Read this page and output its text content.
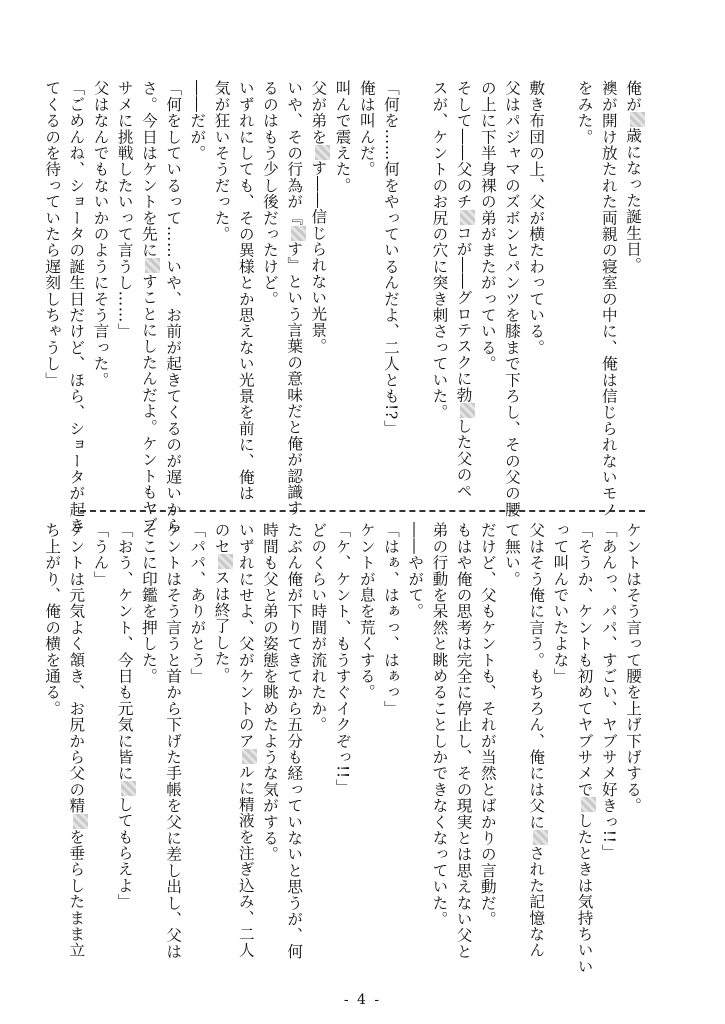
俺が歳になった誕生日。
襖が開け放たれた両親の寝室の中に、俺は信じられないモノ
をみた。

敷き布団の上、父が横たわっている。
父はパジャマのズボンとパンツを膝まで下ろし、その父の腰
の上に下半身裸の弟がまたがっている。
そして――父のチコが――グロテスクに勃した父のペ
スが、ケントのお尻の穴に突き刺さっていた。

「何を……何をやっているんだよ、二人とも!?」
俺は叫んだ。
叫んで震えた。
父が弟をす――信じられない光景。
いや、その行為が『す』という言葉の意味だと俺が認識す
るのはもう少し後だったけど。
いずれにしても、その異様とか思えない光景を前に、俺は
気が狂いそうだった。
――だが。
「何をしているって……いや、お前が起きてくるのが遅いから
さ。今日はケントを先にすことにしたんだよ。ケントもヤブ
サメに挑戦したいって言うし……」
父はなんでもないかのようにそう言った。
「ごめんね、ショータの誕生日だけど、ほら、ショータが起き
てくるのを待っていたら遅刻しちゃうし」
ケントはそう言って腰を上げ下げする。
「あんっ、パパ、すごい、ヤブサメ好きっ!!」
「そうか、ケントも初めてヤブサメでしたときは気持ちいい
って叫んでいたよな」
父はそう俺に言う。もちろん、俺には父にされた記憶なん
て無い。
だけど、父もケントも、それが当然とばかりの言動だ。
もはや俺の思考は完全に停止し、その現実とは思えない父と
弟の行動を呆然と眺めることしかできなくなっていた。
――やがて。
「はぁ、はぁっ、はぁっ」
ケントが息を荒くする。
「ケ、ケント、もうすぐイクぞっ!!」
どのくらい時間が流れたか。
たぶん俺が下りてきてから五分も経っていないと思うが、何
時間も父と弟の姿態を眺めたような気がする。
いずれにせよ、父がケントのアルに精液を注ぎ込み、二人
のセスは終了した。
「パパ、ありがとう」
ケントはそう言うと首から下げた手帳を父に差し出し、父は
そこに印鑑を押した。
「おう、ケント、今日も元気に皆にしてもらえよ」
「うん」
ケントは元気よく頷き、お尻から父の精を垂らしたまま立
ち上がり、俺の横を通る。
- 4 -
